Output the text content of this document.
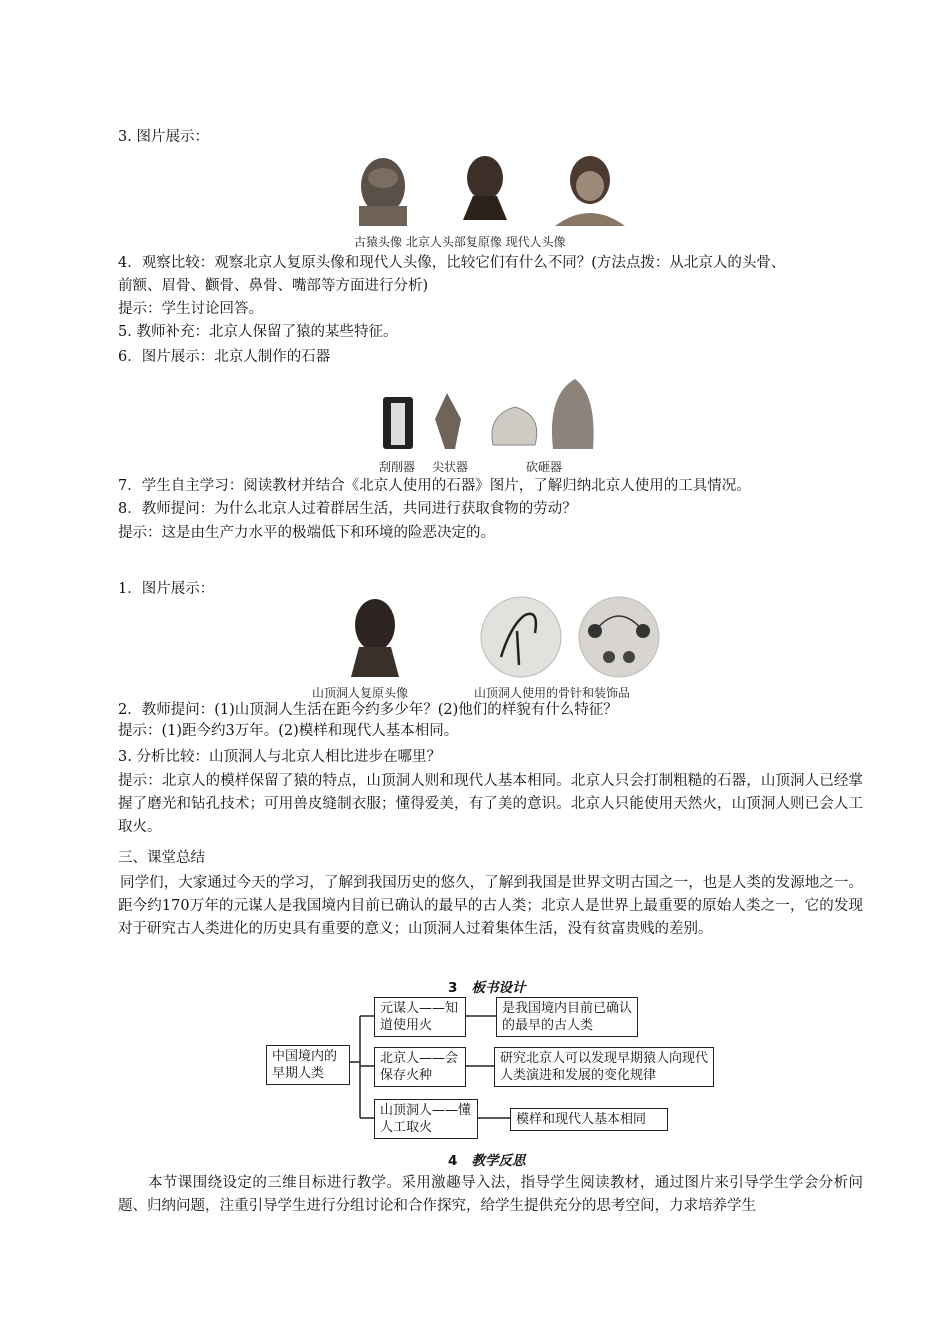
3. 图片展示：
古猿头像 北京人头部复原像 现代人头像
4．观察比较：观察北京人复原头像和现代人头像，比较它们有什么不同？(方法点拨：从北京人的头骨、
前额、眉骨、颧骨、鼻骨、嘴部等方面进行分析)
提示：学生讨论回答。
5. 教师补充：北京人保留了猿的某些特征。
6．图片展示：北京人制作的石器
刮削器 尖状器	砍砸器
7．学生自主学习：阅读教材并结合《北京人使用的石器》图片，了解归纳北京人使用的工具情况。
8．教师提问：为什么北京人过着群居生活，共同进行获取食物的劳动？
提示：这是由生产力水平的极端低下和环境的险恶决定的。
1．图片展示：
山顶洞人复原头像	山顶洞人使用的骨针和装饰品
2．教师提问：(1)山顶洞人生活在距今约多少年？(2)他们的样貌有什么特征？
提示：(1)距今约3万年。(2)模样和现代人基本相同。
3. 分析比较：山顶洞人与北京人相比进步在哪里？
提示：北京人的模样保留了猿的特点，山顶洞人则和现代人基本相同。北京人只会打制粗糙的石器，山顶洞人已经掌握了磨光和钻孔技术；可用兽皮缝制衣服；懂得爱美，有了美的意识。北京人只能使用天然火，山顶洞人则已会人工取火。
三、课堂总结
同学们，大家通过今天的学习，了解到我国历史的悠久，了解到我国是世界文明古国之一，也是人类的发源地之一。距今约170万年的元谋人是我国境内目前已确认的最早的古人类；北京人是世界上最重要的原始人类之一，它的发现对于研究古人类进化的历史具有重要的意义；山顶洞人过着集体生活，没有贫富贵贱的差别。
3 板书设计
中国境内的早期人类
元谋人——知道使用火
是我国境内目前已确认的最早的古人类
北京人——会保存火种
研究北京人可以发现早期猿人向现代人类演进和发展的变化规律
山顶洞人——懂人工取火
模样和现代人基本相同
4 教学反思
本节课围绕设定的三维目标进行教学。采用激趣导入法，指导学生阅读教材，通过图片来引导学生学会分析问题、归纳问题，注重引导学生进行分组讨论和合作探究，给学生提供充分的思考空间，力求培养学生
